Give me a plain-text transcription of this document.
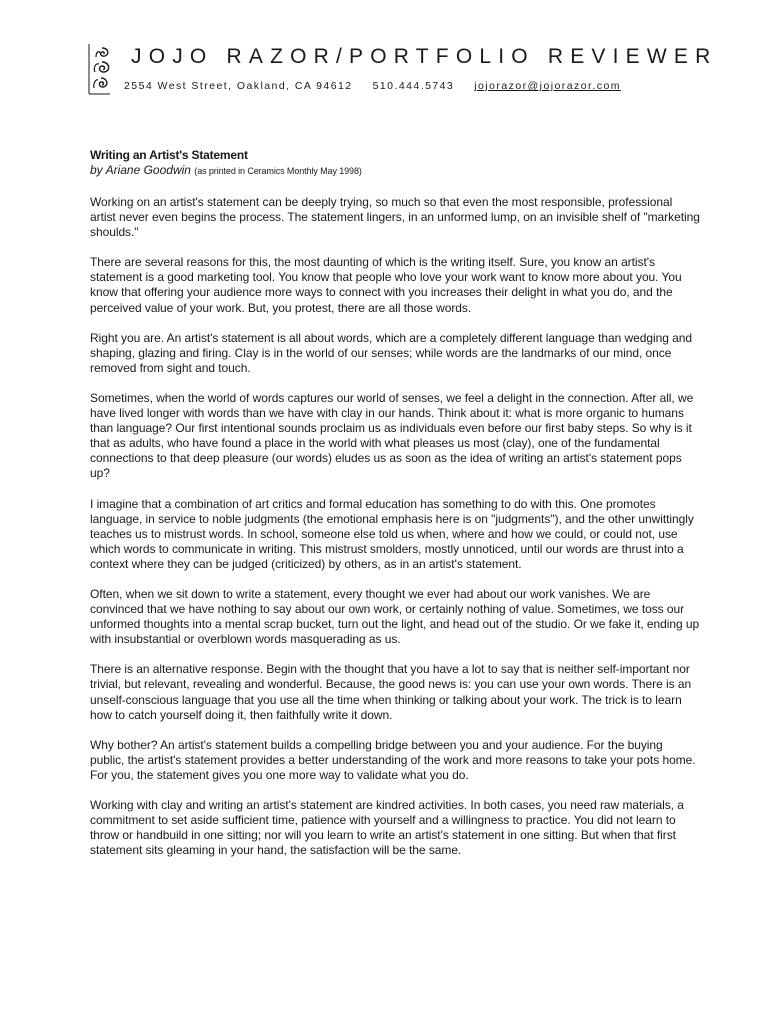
JOJO RAZOR/PORTFOLIO REVIEWER
2554 West Street, Oakland, CA 94612 510.444.5743 jojorazor@jojorazor.com
Writing an Artist's Statement

by Ariane Goodwin (as printed in Ceramics Monthly May 1998)

Working on an artist's statement can be deeply trying, so much so that even the most responsible, professional artist never even begins the process. The statement lingers, in an unformed lump, on an invisible shelf of "marketing shoulds."

There are several reasons for this, the most daunting of which is the writing itself. Sure, you know an artist's statement is a good marketing tool. You know that people who love your work want to know more about you. You know that offering your audience more ways to connect with you increases their delight in what you do, and the perceived value of your work. But, you protest, there are all those words.

Right you are. An artist's statement is all about words, which are a completely different language than wedging and shaping, glazing and firing. Clay is in the world of our senses; while words are the landmarks of our mind, once removed from sight and touch.

Sometimes, when the world of words captures our world of senses, we feel a delight in the connection. After all, we have lived longer with words than we have with clay in our hands. Think about it: what is more organic to humans than language? Our first intentional sounds proclaim us as individuals even before our first baby steps. So why is it that as adults, who have found a place in the world with what pleases us most (clay), one of the fundamental connections to that deep pleasure (our words) eludes us as soon as the idea of writing an artist's statement pops up?

I imagine that a combination of art critics and formal education has something to do with this. One promotes language, in service to noble judgments (the emotional emphasis here is on "judgments"), and the other unwittingly teaches us to mistrust words. In school, someone else told us when, where and how we could, or could not, use which words to communicate in writing. This mistrust smolders, mostly unnoticed, until our words are thrust into a context where they can be judged (criticized) by others, as in an artist's statement.

Often, when we sit down to write a statement, every thought we ever had about our work vanishes. We are convinced that we have nothing to say about our own work, or certainly nothing of value. Sometimes, we toss our unformed thoughts into a mental scrap bucket, turn out the light, and head out of the studio. Or we fake it, ending up with insubstantial or overblown words masquerading as us.

There is an alternative response. Begin with the thought that you have a lot to say that is neither self-important nor trivial, but relevant, revealing and wonderful. Because, the good news is: you can use your own words. There is an unself-conscious language that you use all the time when thinking or talking about your work. The trick is to learn how to catch yourself doing it, then faithfully write it down.

Why bother? An artist's statement builds a compelling bridge between you and your audience. For the buying public, the artist's statement provides a better understanding of the work and more reasons to take your pots home. For you, the statement gives you one more way to validate what you do.

Working with clay and writing an artist's statement are kindred activities. In both cases, you need raw materials, a commitment to set aside sufficient time, patience with yourself and a willingness to practice. You did not learn to throw or handbuild in one sitting; nor will you learn to write an artist's statement in one sitting. But when that first statement sits gleaming in your hand, the satisfaction will be the same.
